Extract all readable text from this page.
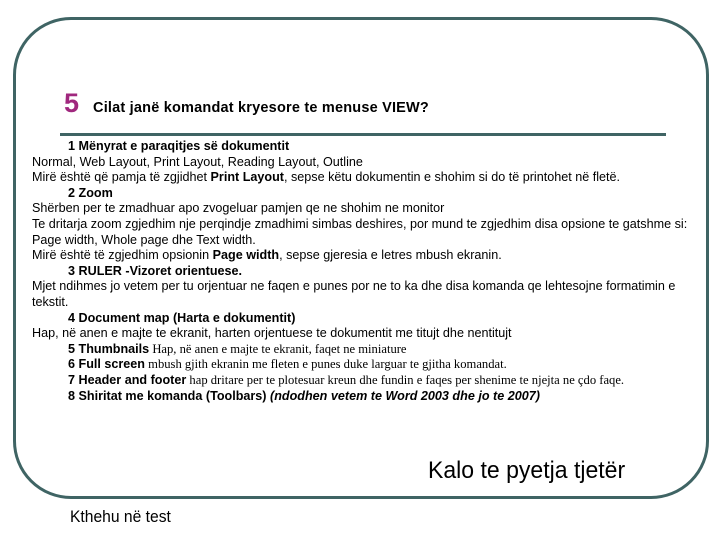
5 Cilat janë komandat kryesore te menuse VIEW?
1 Mënyrat e paraqitjes së dokumentit
Normal, Web Layout, Print Layout, Reading Layout, Outline
Mirë është që pamja të zgjidhet Print Layout, sepse këtu dokumentin e shohim si do të printohet në fletë.
2 Zoom
Shërben per te zmadhuar apo zvogeluar pamjen qe ne shohim ne monitor
Te dritarja zoom zgjedhim nje perqindje zmadhimi simbas deshires, por mund te zgjedhim disa opsione te gatshme si:
Page width, Whole page dhe Text width.
Mirë është të zgjedhim opsionin Page width, sepse gjeresia e letres mbush ekranin.
3 RULER -Vizoret orientuese.
Mjet ndihmes jo vetem per tu orjentuar ne faqen e punes por ne to ka dhe disa komanda qe lehtesojne formatimin e tekstit.
4 Document map (Harta e dokumentit)
Hap, në anen e majte te ekranit, harten orjentuese te dokumentit me titujt dhe nentitujt
5 Thumbnails Hap, në anen e majte te ekranit, faqet ne miniature
6 Full screen mbush gjith ekranin me fleten e punes duke larguar te gjitha komandat.
7 Header and footer hap dritare per te plotesuar kreun dhe fundin e faqes per shenime te njejta ne çdo faqe.
8 Shiritat me komanda (Toolbars) (ndodhen vetem te Word 2003 dhe jo te 2007)
Kalo te pyetja tjetër
Kthehu në test
